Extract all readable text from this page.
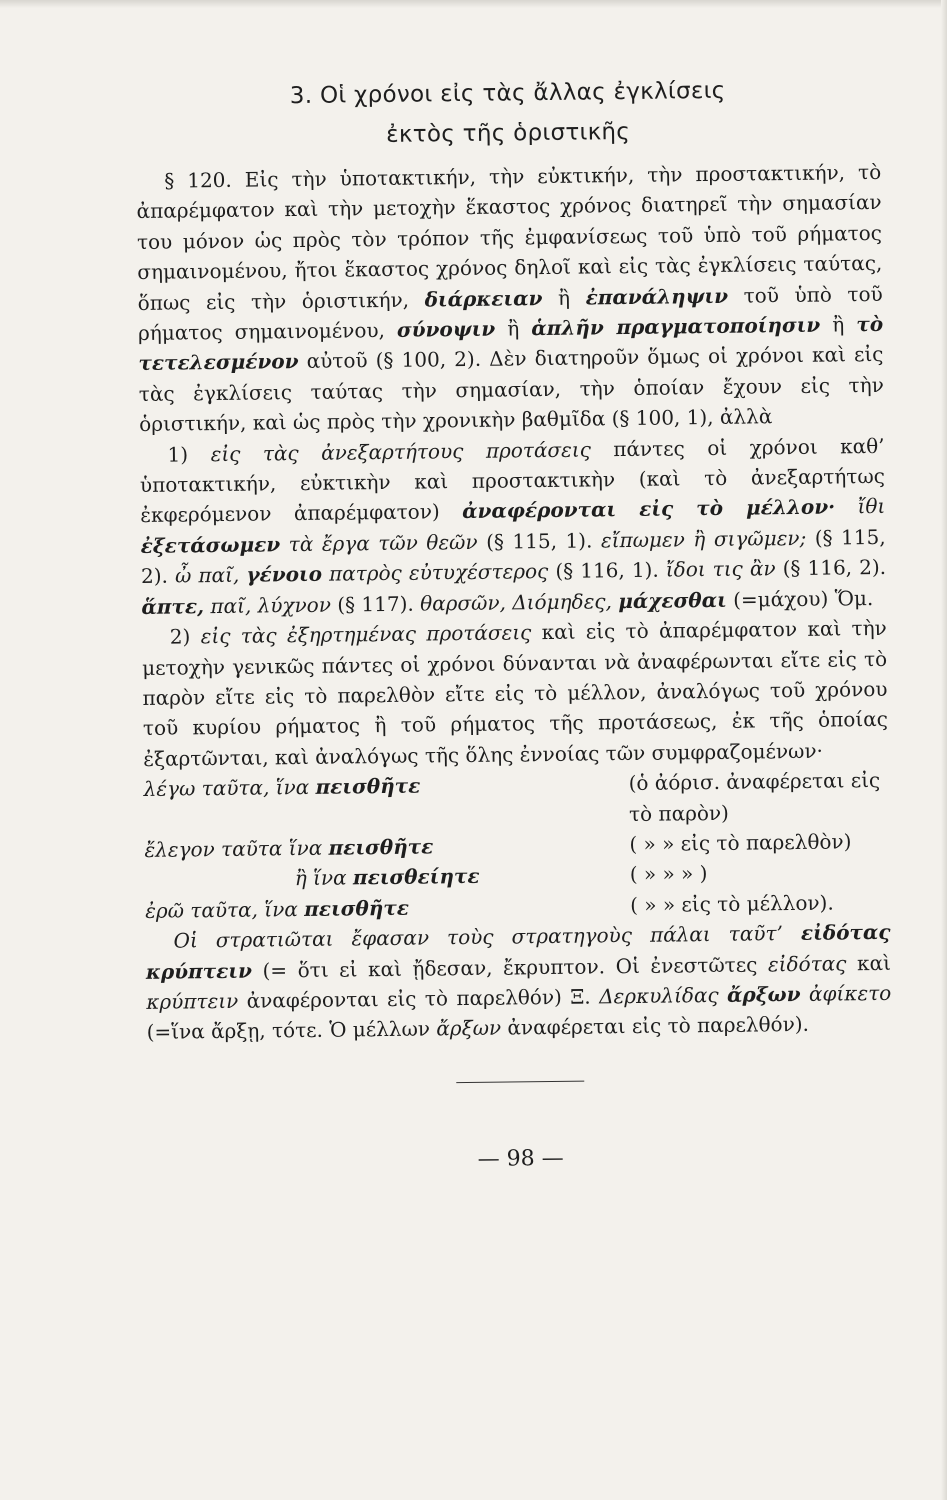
3. Οἱ χρόνοι εἰς τὰς ἄλλας ἐγκλίσεις
ἐκτὸς τῆς ὁριστικῆς

§ 120. Εἰς τὴν ὑποτακτικήν, τὴν εὐκτικήν, τὴν προστακτικήν, τὸ ἀπαρέμφατον καὶ τὴν μετοχὴν ἕκαστος χρόνος διατηρεῖ τὴν σημασίαν του μόνον ὡς πρὸς τὸν τρόπον τῆς ἐμφανίσεως τοῦ ὑπὸ τοῦ ρήματος σημαινομένου, ἤτοι ἕκαστος χρόνος δηλοῖ καὶ εἰς τὰς ἐγκλίσεις ταύτας, ὅπως εἰς τὴν ὁριστικήν, διάρκειαν ἢ ἐπανάληψιν τοῦ ὑπὸ τοῦ ρήματος σημαινομένου, σύνοψιν ἢ ἁπλῆν πραγματοποίησιν ἢ τὸ τετελεσμένον αὐτοῦ (§ 100, 2). Δὲν διατηροῦν ὅμως οἱ χρόνοι καὶ εἰς τὰς ἐγκλίσεις ταύτας τὴν σημασίαν, τὴν ὁποίαν ἔχουν εἰς τὴν ὁριστικήν, καὶ ὡς πρὸς τὴν χρονικὴν βαθμῖδα (§ 100, 1), ἀλλὰ

1) εἰς τὰς ἀνεξαρτήτους προτάσεις πάντες οἱ χρόνοι καθ’ ὑποτακτικήν, εὐκτικὴν καὶ προστακτικὴν (καὶ τὸ ἀνεξαρτήτως ἐκφερόμενον ἀπαρέμφατον) ἀναφέρονται εἰς τὸ μέλλον· ἴθι ἐξετάσωμεν τὰ ἔργα τῶν θεῶν (§ 115, 1). εἴπωμεν ἢ σιγῶμεν; (§ 115, 2). ὦ παῖ, γένοιο πατρὸς εὐτυχέστερος (§ 116, 1). ἴδοι τις ἂν (§ 116, 2). ἅπτε, παῖ, λύχνον (§ 117). θαρσῶν, Διόμηδες, μάχεσθαι (=μάχου) Ὅμ.

2) εἰς τὰς ἐξηρτημένας προτάσεις καὶ εἰς τὸ ἀπαρέμφατον καὶ τὴν μετοχὴν γενικῶς πάντες οἱ χρόνοι δύνανται νὰ ἀναφέρωνται εἴτε εἰς τὸ παρὸν εἴτε εἰς τὸ παρελθὸν εἴτε εἰς τὸ μέλλον, ἀναλόγως τοῦ χρόνου τοῦ κυρίου ρήματος ἢ τοῦ ρήματος τῆς προτάσεως, ἐκ τῆς ὁποίας ἐξαρτῶνται, καὶ ἀναλόγως τῆς ὅλης ἐννοίας τῶν συμφραζομένων·

λέγω ταῦτα, ἵνα πεισθῆτε	(ὁ ἀόρισ. ἀναφέρεται εἰς τὸ παρὸν)
ἔλεγον ταῦτα ἵνα πεισθῆτε	( » » εἰς τὸ παρελθὸν)
ἢ ἵνα πεισθείητε	( » » » )
ἐρῶ ταῦτα, ἵνα πεισθῆτε	( » » εἰς τὸ μέλλον).

Οἱ στρατιῶται ἔφασαν τοὺς στρατηγοὺς πάλαι ταῦτ’ εἰδότας κρύπτειν (= ὅτι εἰ καὶ ᾔδεσαν, ἔκρυπτον. Οἱ ἐνεστῶτες εἰδότας καὶ κρύπτειν ἀναφέρονται εἰς τὸ παρελθόν) Ξ. Δερκυλίδας ἄρξων ἀφίκετο (=ἵνα ἄρξῃ, τότε. Ὁ μέλλων ἄρξων ἀναφέρεται εἰς τὸ παρελθόν).

— 98 —
